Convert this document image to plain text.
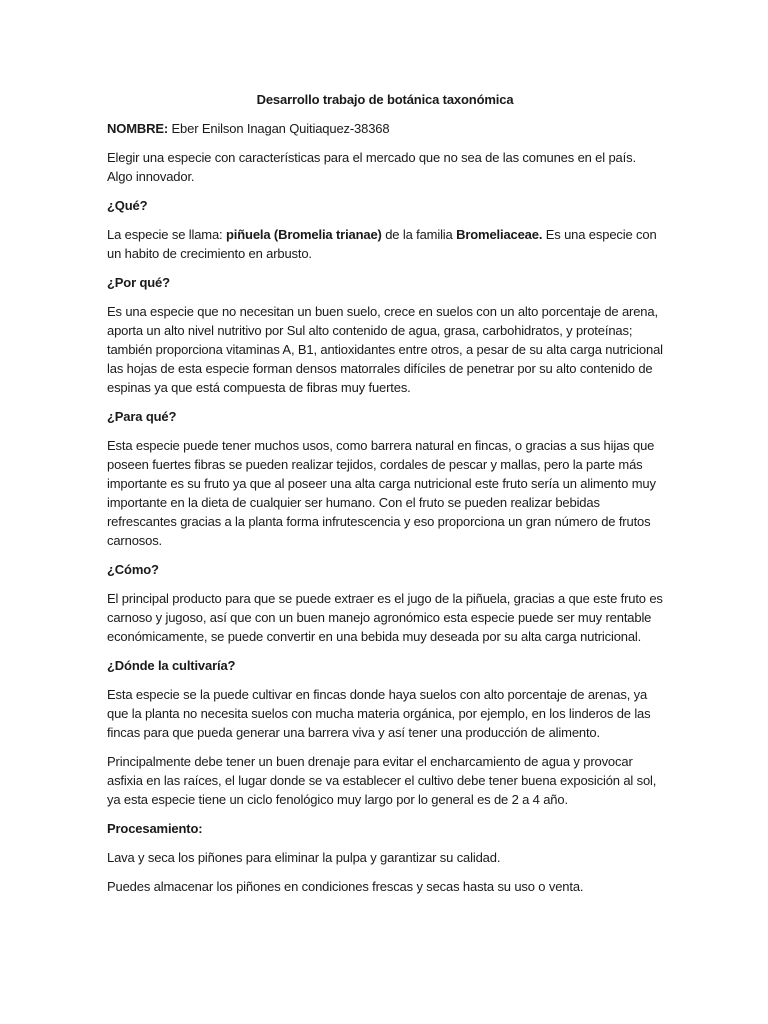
Desarrollo trabajo de botánica taxonómica

NOMBRE: Eber Enilson Inagan Quitiaquez-38368

Elegir una especie con características para el mercado que no sea de las comunes en el país. Algo innovador.

¿Qué?

La especie se llama: piñuela (Bromelia trianae) de la familia Bromeliaceae. Es una especie con un habito de crecimiento en arbusto.

¿Por qué?

Es una especie que no necesitan un buen suelo, crece en suelos con un alto porcentaje de arena, aporta un alto nivel nutritivo por Sul alto contenido de agua, grasa, carbohidratos, y proteínas; también proporciona vitaminas A, B1, antioxidantes entre otros, a pesar de su alta carga nutricional las hojas de esta especie forman densos matorrales difíciles de penetrar por su alto contenido de espinas ya que está compuesta de fibras muy fuertes.

¿Para qué?

Esta especie puede tener muchos usos, como barrera natural en fincas, o gracias a sus hijas que poseen fuertes fibras se pueden realizar tejidos, cordales de pescar y mallas, pero la parte más importante es su fruto ya que al poseer una alta carga nutricional este fruto sería un alimento muy importante en la dieta de cualquier ser humano. Con el fruto se pueden realizar bebidas refrescantes gracias a la planta forma infrutescencia y eso proporciona un gran número de frutos carnosos.

¿Cómo?

El principal producto para que se puede extraer es el jugo de la piñuela, gracias a que este fruto es carnoso y jugoso, así que con un buen manejo agronómico esta especie puede ser muy rentable económicamente, se puede convertir en una bebida muy deseada por su alta carga nutricional.

¿Dónde la cultivaría?

Esta especie se la puede cultivar en fincas donde haya suelos con alto porcentaje de arenas, ya que la planta no necesita suelos con mucha materia orgánica, por ejemplo, en los linderos de las fincas para que pueda generar una barrera viva y así tener una producción de alimento.

Principalmente debe tener un buen drenaje para evitar el encharcamiento de agua y provocar asfixia en las raíces, el lugar donde se va establecer el cultivo debe tener buena exposición al sol, ya esta especie tiene un ciclo fenológico muy largo por lo general es de 2 a 4 año.

Procesamiento:

Lava y seca los piñones para eliminar la pulpa y garantizar su calidad.

Puedes almacenar los piñones en condiciones frescas y secas hasta su uso o venta.
